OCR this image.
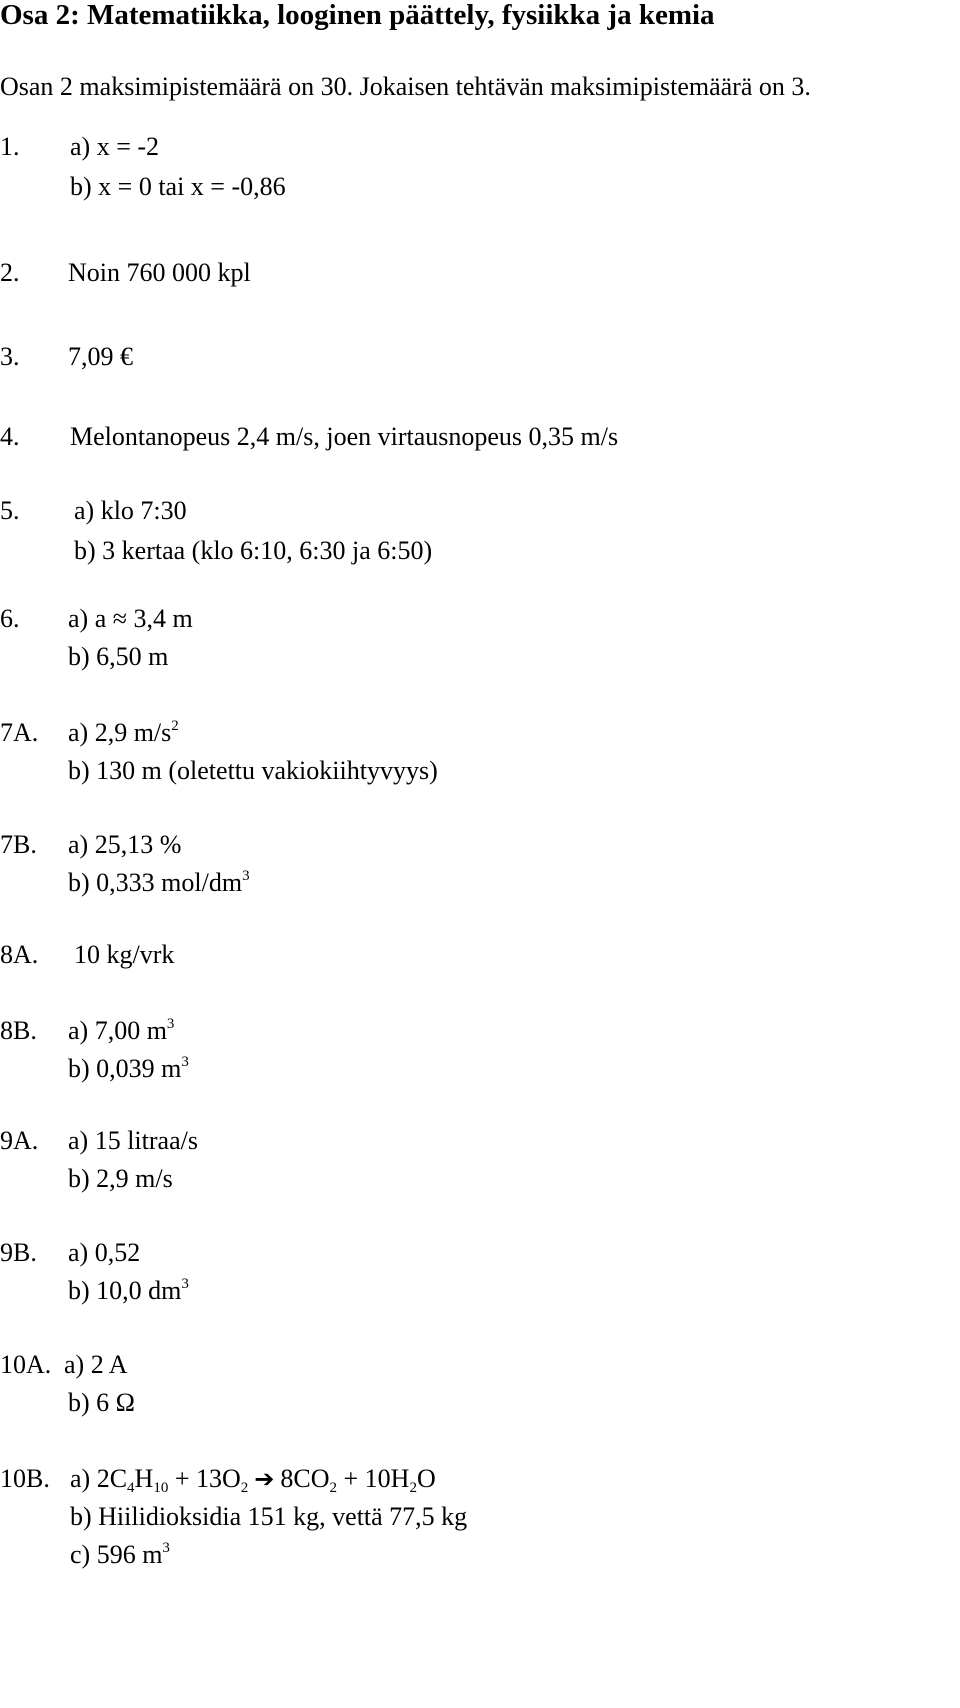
Osa 2: Matematiikka, looginen päättely, fysiikka ja kemia
Osan 2 maksimipistemäärä on 30. Jokaisen tehtävän maksimipistemäärä on 3.
1. a) x = -2
b) x = 0 tai x = -0,86
2. Noin 760 000 kpl
3. 7,09 €
4. Melontanopeus 2,4 m/s, joen virtausnopeus 0,35 m/s
5. a) klo 7:30
b) 3 kertaa (klo 6:10, 6:30 ja 6:50)
6. a) a ≈ 3,4 m
b) 6,50 m
7A. a) 2,9 $m/s^2$
b) 130 m (oletettu vakiokiihtyvyys)
7B. a) 25,13 %
b) 0,333 mol/$dm^3$
8A. 10 kg/vrk
8B. a) 7,00 $m^3$
b) 0,039 $m^3$
9A. a) 15 litraa/s
b) 2,9 m/s
9B. a) 0,52
b) 10,0 $dm^3$
10A. a) 2 A
b) 6 Ω
10B. a) $2C_4H_{10} + 13O_2$ ➔ $8CO_2 + 10H_2O$
b) Hiilidioksidia 151 kg, vettä 77,5 kg
c) 596 $m^3$
